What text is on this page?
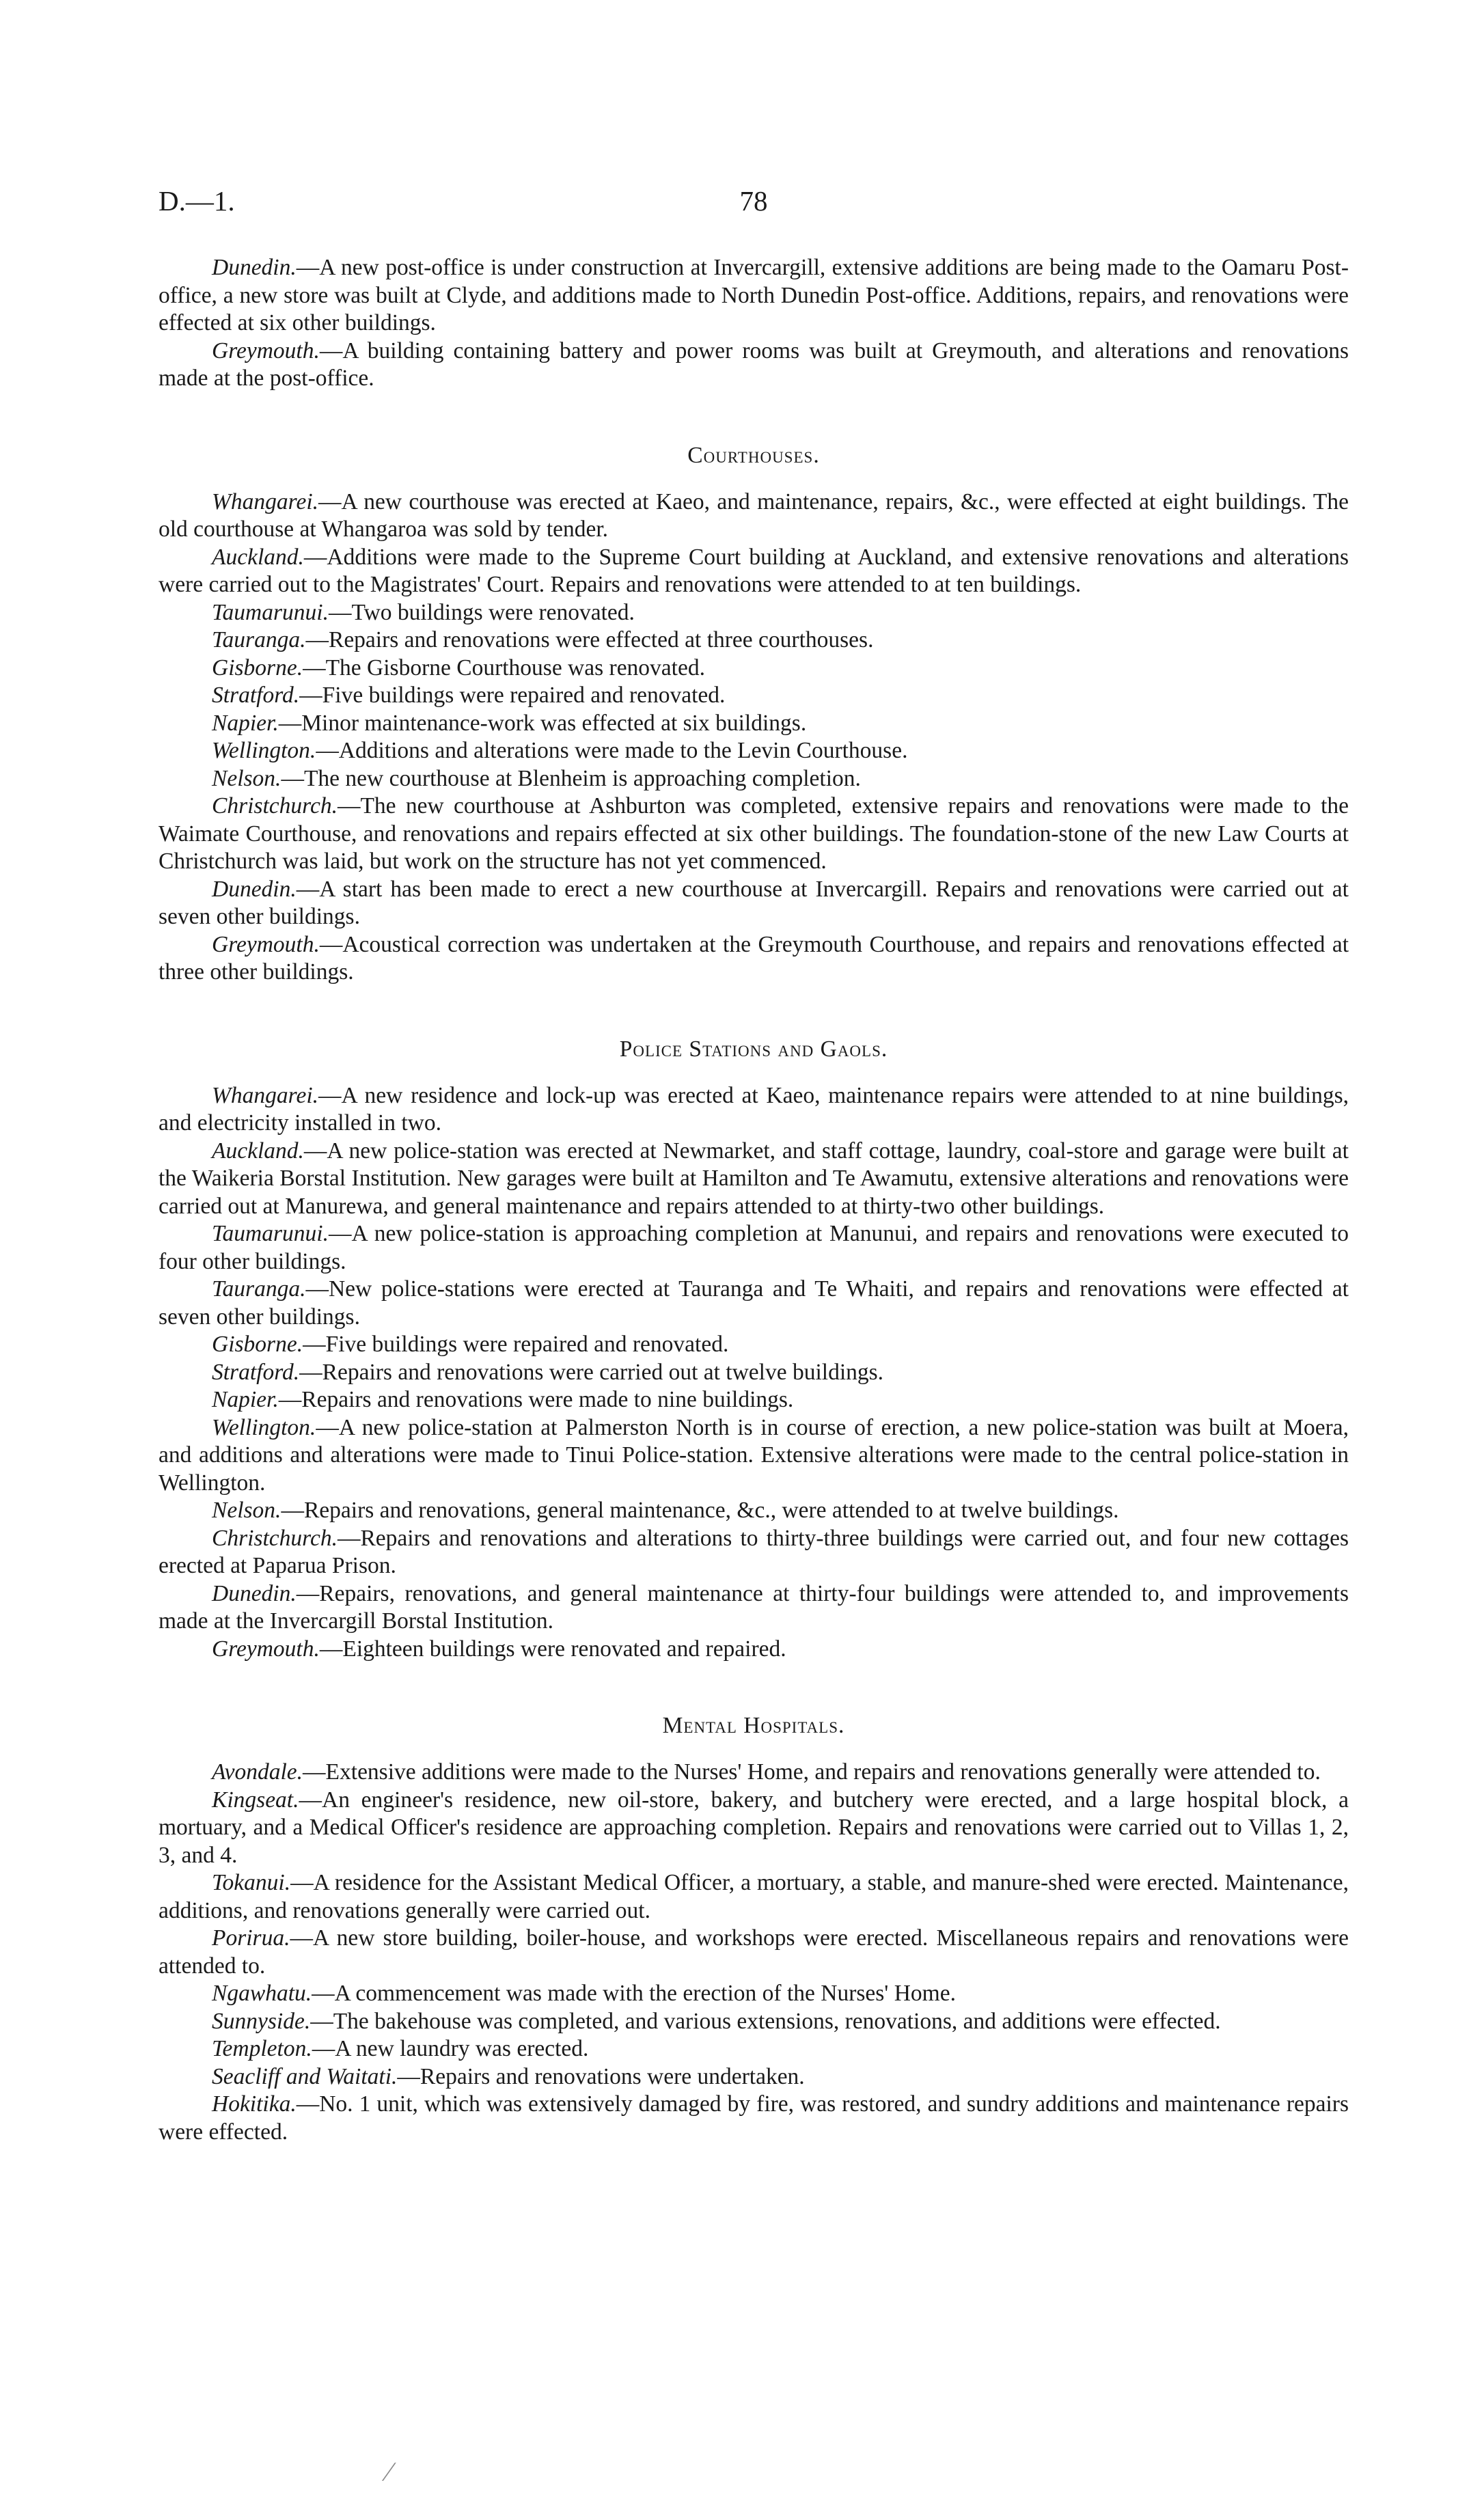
D.—1.	78

Dunedin.—A new post-office is under construction at Invercargill, extensive additions are being made to the Oamaru Post-office, a new store was built at Clyde, and additions made to North Dunedin Post-office. Additions, repairs, and renovations were effected at six other buildings.

Greymouth.—A building containing battery and power rooms was built at Greymouth, and alterations and renovations made at the post-office.

Courthouses.

Whangarei.—A new courthouse was erected at Kaeo, and maintenance, repairs, &c., were effected at eight buildings. The old courthouse at Whangaroa was sold by tender.

Auckland.—Additions were made to the Supreme Court building at Auckland, and extensive renovations and alterations were carried out to the Magistrates' Court. Repairs and renovations were attended to at ten buildings.

Taumarunui.—Two buildings were renovated.

Tauranga.—Repairs and renovations were effected at three courthouses.

Gisborne.—The Gisborne Courthouse was renovated.

Stratford.—Five buildings were repaired and renovated.

Napier.—Minor maintenance-work was effected at six buildings.

Wellington.—Additions and alterations were made to the Levin Courthouse.

Nelson.—The new courthouse at Blenheim is approaching completion.

Christchurch.—The new courthouse at Ashburton was completed, extensive repairs and renovations were made to the Waimate Courthouse, and renovations and repairs effected at six other buildings. The foundation-stone of the new Law Courts at Christchurch was laid, but work on the structure has not yet commenced.

Dunedin.—A start has been made to erect a new courthouse at Invercargill. Repairs and renovations were carried out at seven other buildings.

Greymouth.—Acoustical correction was undertaken at the Greymouth Courthouse, and repairs and renovations effected at three other buildings.

Police Stations and Gaols.

Whangarei.—A new residence and lock-up was erected at Kaeo, maintenance repairs were attended to at nine buildings, and electricity installed in two.

Auckland.—A new police-station was erected at Newmarket, and staff cottage, laundry, coal-store and garage were built at the Waikeria Borstal Institution. New garages were built at Hamilton and Te Awamutu, extensive alterations and renovations were carried out at Manurewa, and general maintenance and repairs attended to at thirty-two other buildings.

Taumarunui.—A new police-station is approaching completion at Manunui, and repairs and renovations were executed to four other buildings.

Tauranga.—New police-stations were erected at Tauranga and Te Whaiti, and repairs and renovations were effected at seven other buildings.

Gisborne.—Five buildings were repaired and renovated.

Stratford.—Repairs and renovations were carried out at twelve buildings.

Napier.—Repairs and renovations were made to nine buildings.

Wellington.—A new police-station at Palmerston North is in course of erection, a new police-station was built at Moera, and additions and alterations were made to Tinui Police-station. Extensive alterations were made to the central police-station in Wellington.

Nelson.—Repairs and renovations, general maintenance, &c., were attended to at twelve buildings.

Christchurch.—Repairs and renovations and alterations to thirty-three buildings were carried out, and four new cottages erected at Paparua Prison.

Dunedin.—Repairs, renovations, and general maintenance at thirty-four buildings were attended to, and improvements made at the Invercargill Borstal Institution.

Greymouth.—Eighteen buildings were renovated and repaired.

Mental Hospitals.

Avondale.—Extensive additions were made to the Nurses' Home, and repairs and renovations generally were attended to.

Kingseat.—An engineer's residence, new oil-store, bakery, and butchery were erected, and a large hospital block, a mortuary, and a Medical Officer's residence are approaching completion. Repairs and renovations were carried out to Villas 1, 2, 3, and 4.

Tokanui.—A residence for the Assistant Medical Officer, a mortuary, a stable, and manure-shed were erected. Maintenance, additions, and renovations generally were carried out.

Porirua.—A new store building, boiler-house, and workshops were erected. Miscellaneous repairs and renovations were attended to.

Ngawhatu.—A commencement was made with the erection of the Nurses' Home.

Sunnyside.—The bakehouse was completed, and various extensions, renovations, and additions were effected.

Templeton.—A new laundry was erected.

Seacliff and Waitati.—Repairs and renovations were undertaken.

Hokitika.—No. 1 unit, which was extensively damaged by fire, was restored, and sundry additions and maintenance repairs were effected.

⁄
